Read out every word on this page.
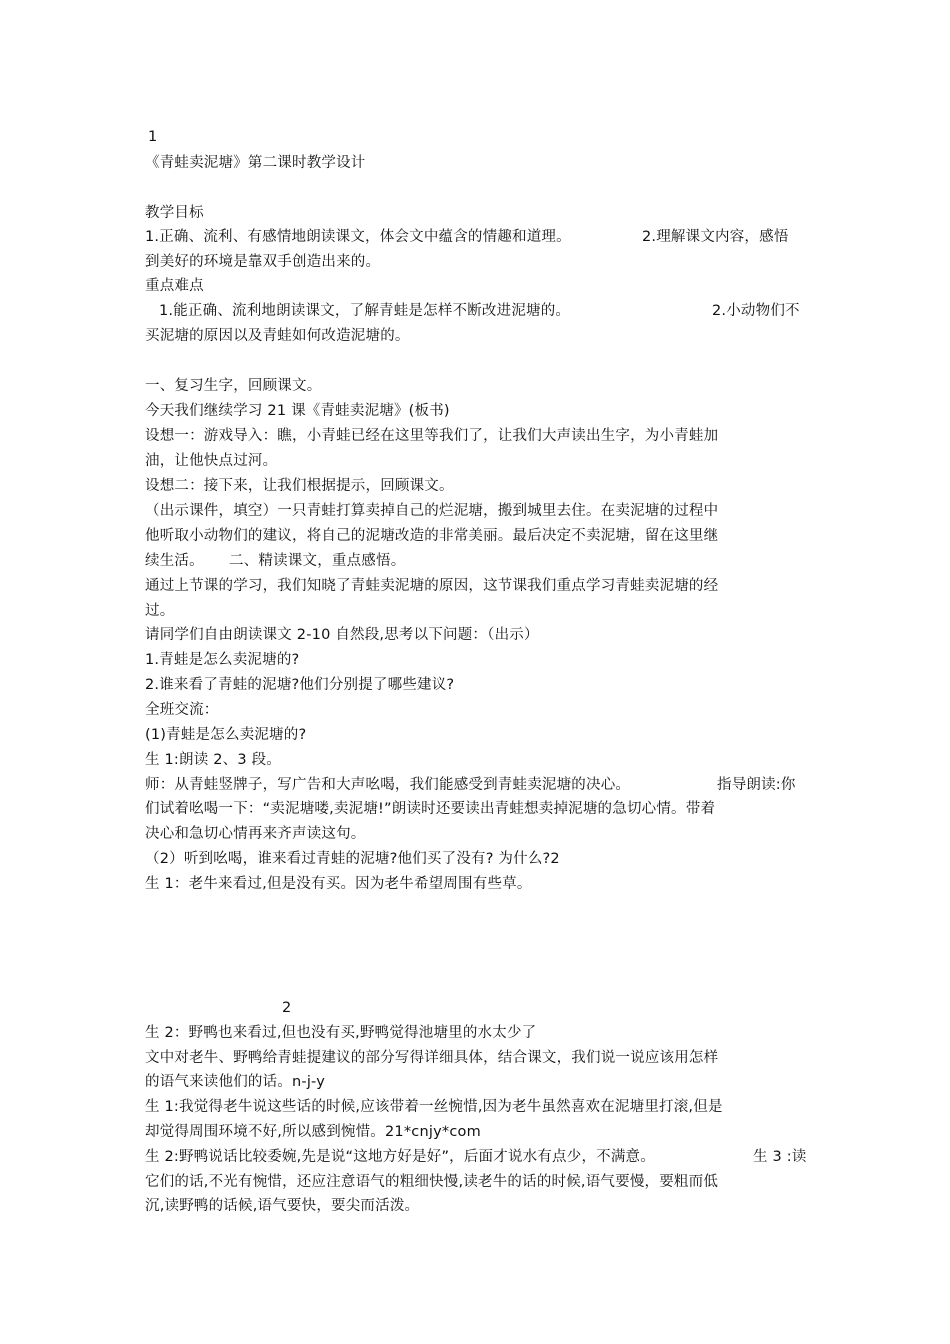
1
《青蛙卖泥塘》第二课时教学设计
教学目标
1.正确、流利、有感情地朗读课文，体会文中蕴含的情趣和道理。	2.理解课文内容，感悟
到美好的环境是靠双手创造出来的。
重点难点
1.能正确、流利地朗读课文，了解青蛙是怎样不断改进泥塘的。	2.小动物们不
买泥塘的原因以及青蛙如何改造泥塘的。
一、复习生字，回顾课文。
今天我们继续学习 21 课《青蛙卖泥塘》(板书)
设想一：游戏导入：瞧，小青蛙已经在这里等我们了，让我们大声读出生字，为小青蛙加
油，让他快点过河。
设想二：接下来，让我们根据提示，回顾课文。
（出示课件，填空）一只青蛙打算卖掉自己的烂泥塘，搬到城里去住。在卖泥塘的过程中
他听取小动物们的建议，将自己的泥塘改造的非常美丽。最后决定不卖泥塘，留在这里继
续生活。 二、精读课文，重点感悟。
通过上节课的学习，我们知晓了青蛙卖泥塘的原因，这节课我们重点学习青蛙卖泥塘的经
过。
请同学们自由朗读课文 2-10 自然段,思考以下问题：（出示）
1.青蛙是怎么卖泥塘的?
2.谁来看了青蛙的泥塘?他们分别提了哪些建议?
全班交流：
(1)青蛙是怎么卖泥塘的?
生 1:朗读 2、3 段。
师：从青蛙竖牌子，写广告和大声吆喝，我们能感受到青蛙卖泥塘的决心。	指导朗读:你
们试着吆喝一下：“卖泥塘喽,卖泥塘!”朗读时还要读出青蛙想卖掉泥塘的急切心情。带着
决心和急切心情再来齐声读这句。
（2）听到吆喝，谁来看过青蛙的泥塘?他们买了没有? 为什么?2
生 1：老牛来看过,但是没有买。因为老牛希望周围有些草。
2
生 2：野鸭也来看过,但也没有买,野鸭觉得池塘里的水太少了
文中对老牛、野鸭给青蛙提建议的部分写得详细具体，结合课文，我们说一说应该用怎样
的语气来读他们的话。n-j-y
生 1:我觉得老牛说这些话的时候,应该带着一丝惋惜,因为老牛虽然喜欢在泥塘里打滚,但是
却觉得周围环境不好,所以感到惋惜。21*cnjy*com
生 2:野鸭说话比较委婉,先是说“这地方好是好”，后面才说水有点少，不满意。	生 3 :读
它们的话,不光有惋惜，还应注意语气的粗细快慢,读老牛的话的时候,语气要慢，要粗而低
沉,读野鸭的话候,语气要快，要尖而活泼。
